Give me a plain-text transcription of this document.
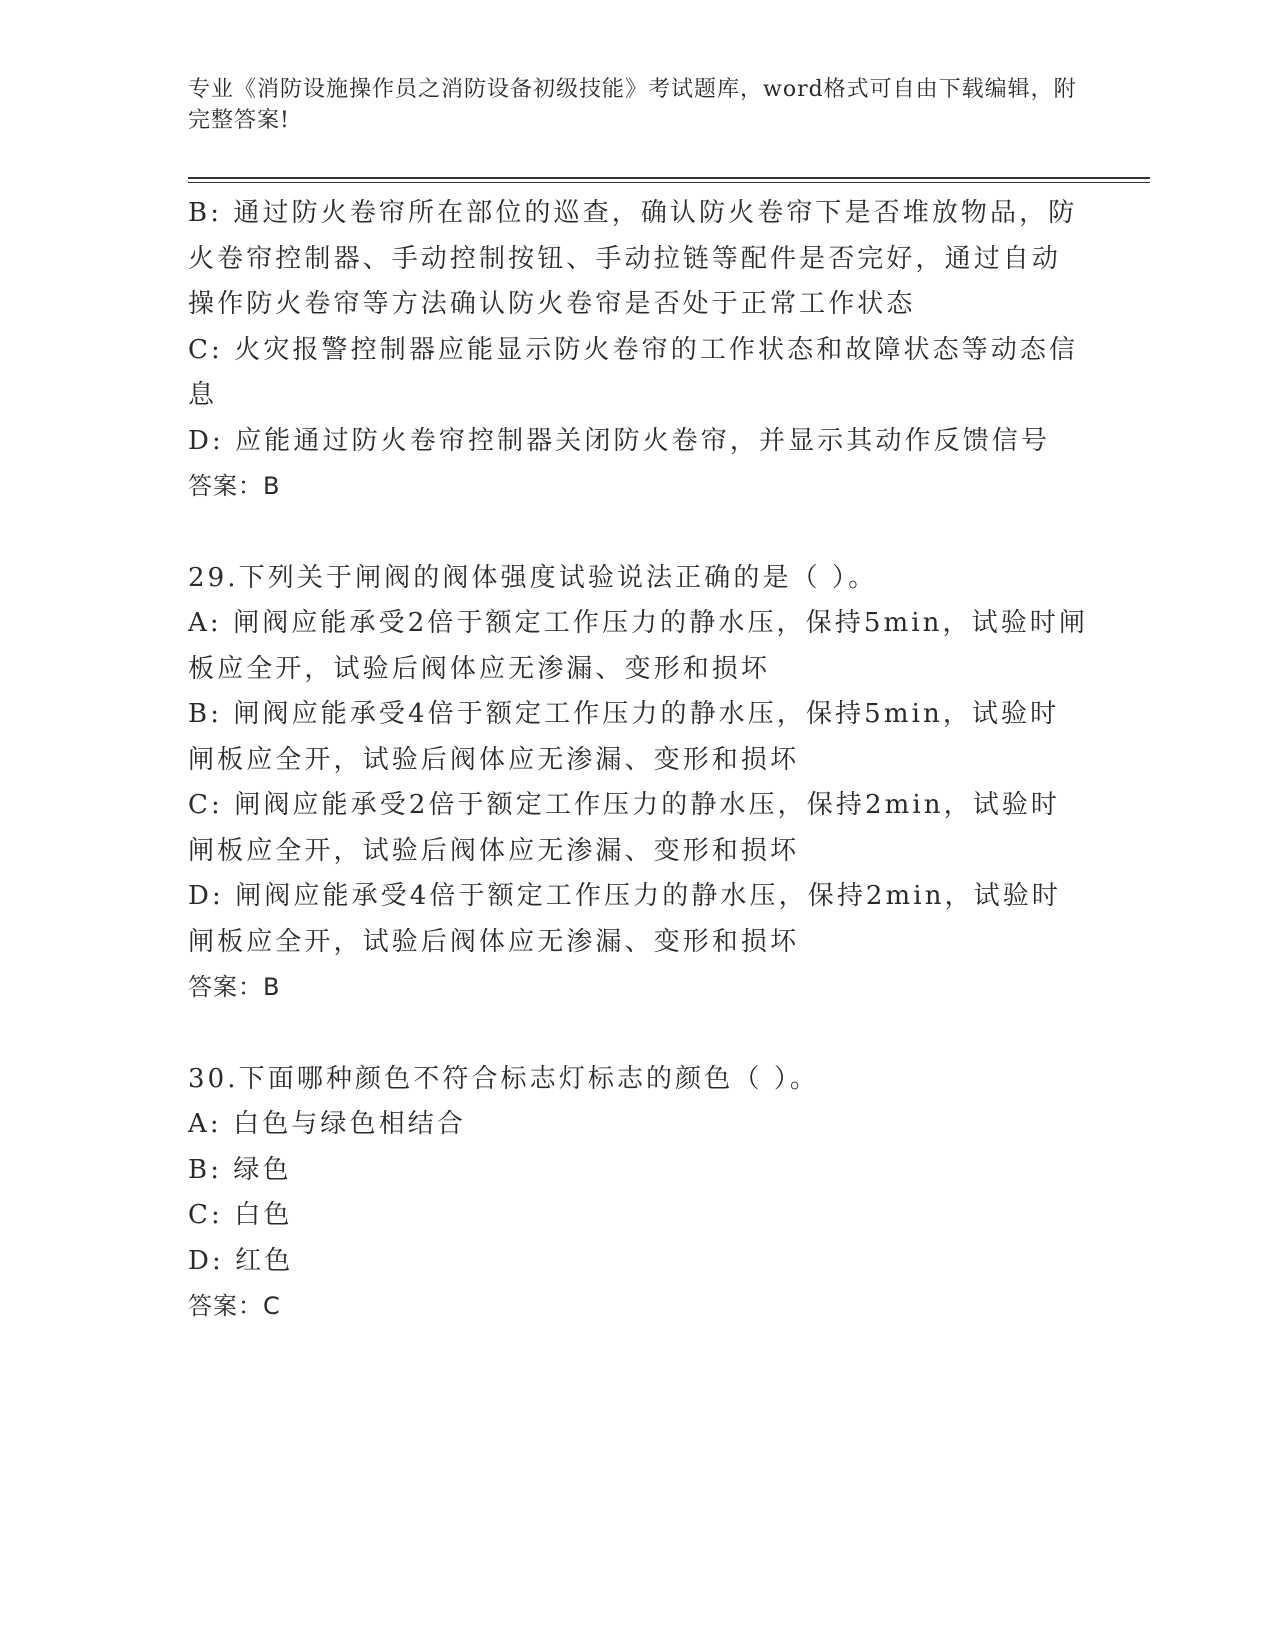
专业《消防设施操作员之消防设备初级技能》考试题库，word格式可自由下载编辑，附完整答案!

B: 通过防火卷帘所在部位的巡查，确认防火卷帘下是否堆放物品，防火卷帘控制器、手动控制按钮、手动拉链等配件是否完好，通过自动操作防火卷帘等方法确认防火卷帘是否处于正常工作状态

C: 火灾报警控制器应能显示防火卷帘的工作状态和故障状态等动态信息

D: 应能通过防火卷帘控制器关闭防火卷帘，并显示其动作反馈信号

答案：B

29.下列关于闸阀的阀体强度试验说法正确的是（ ）。

A: 闸阀应能承受2倍于额定工作压力的静水压，保持5min，试验时闸板应全开，试验后阀体应无渗漏、变形和损坏

B: 闸阀应能承受4倍于额定工作压力的静水压，保持5min，试验时闸板应全开，试验后阀体应无渗漏、变形和损坏

C: 闸阀应能承受2倍于额定工作压力的静水压，保持2min，试验时闸板应全开，试验后阀体应无渗漏、变形和损坏

D: 闸阀应能承受4倍于额定工作压力的静水压，保持2min，试验时闸板应全开，试验后阀体应无渗漏、变形和损坏

答案：B

30.下面哪种颜色不符合标志灯标志的颜色（ ）。

A: 白色与绿色相结合

B: 绿色

C: 白色

D: 红色

答案：C
